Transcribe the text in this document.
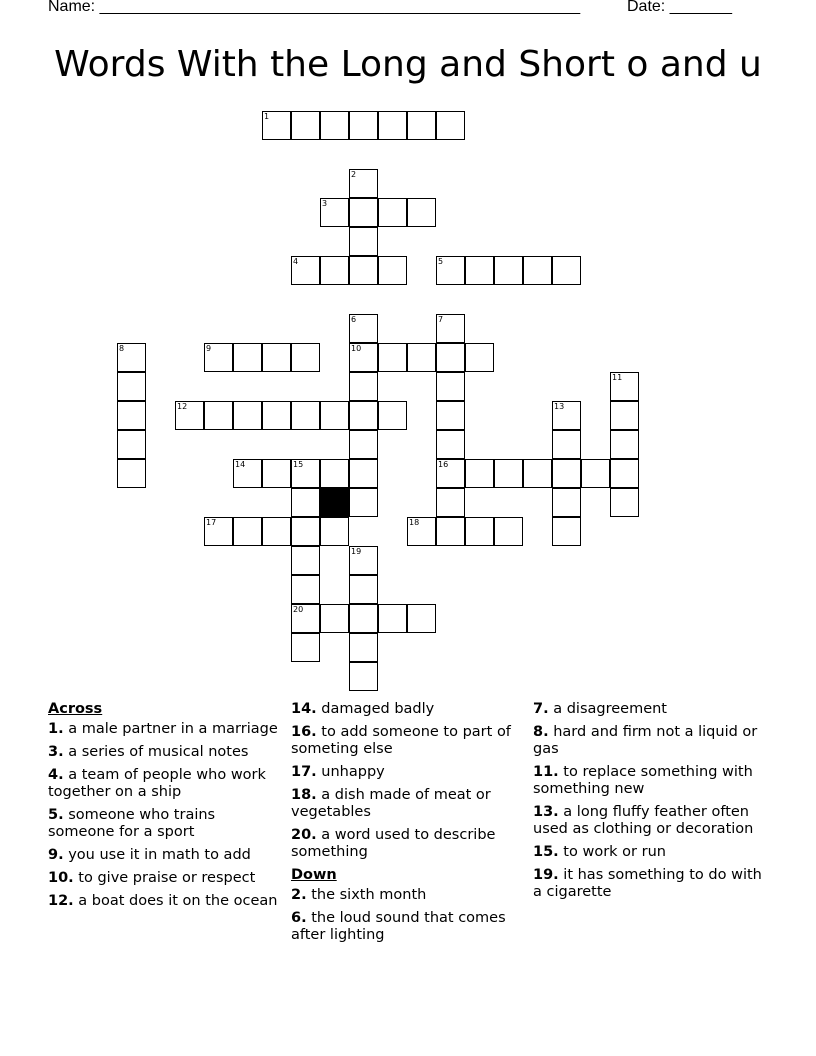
Name: ______________________________________________________	Date: _______
Words With the Long and Short o and u
1
2
3
4	5
6
10
7
16
8	9
11
12	13
14	15
20
17	18
19
Across
1. a male partner in a marriage
3. a series of musical notes
4. a team of people who work together on a ship
5. someone who trains someone for a sport
9. you use it in math to add
10. to give praise or respect
12. a boat does it on the ocean
14. damaged badly
16. to add someone to part of someting else
17. unhappy
18. a dish made of meat or vegetables
20. a word used to describe something
Down
2. the sixth month
6. the loud sound that comes after lighting
7. a disagreement
8. hard and firm not a liquid or gas
11. to replace something with something new
13. a long fluffy feather often used as clothing or decoration
15. to work or run
19. it has something to do with a cigarette
